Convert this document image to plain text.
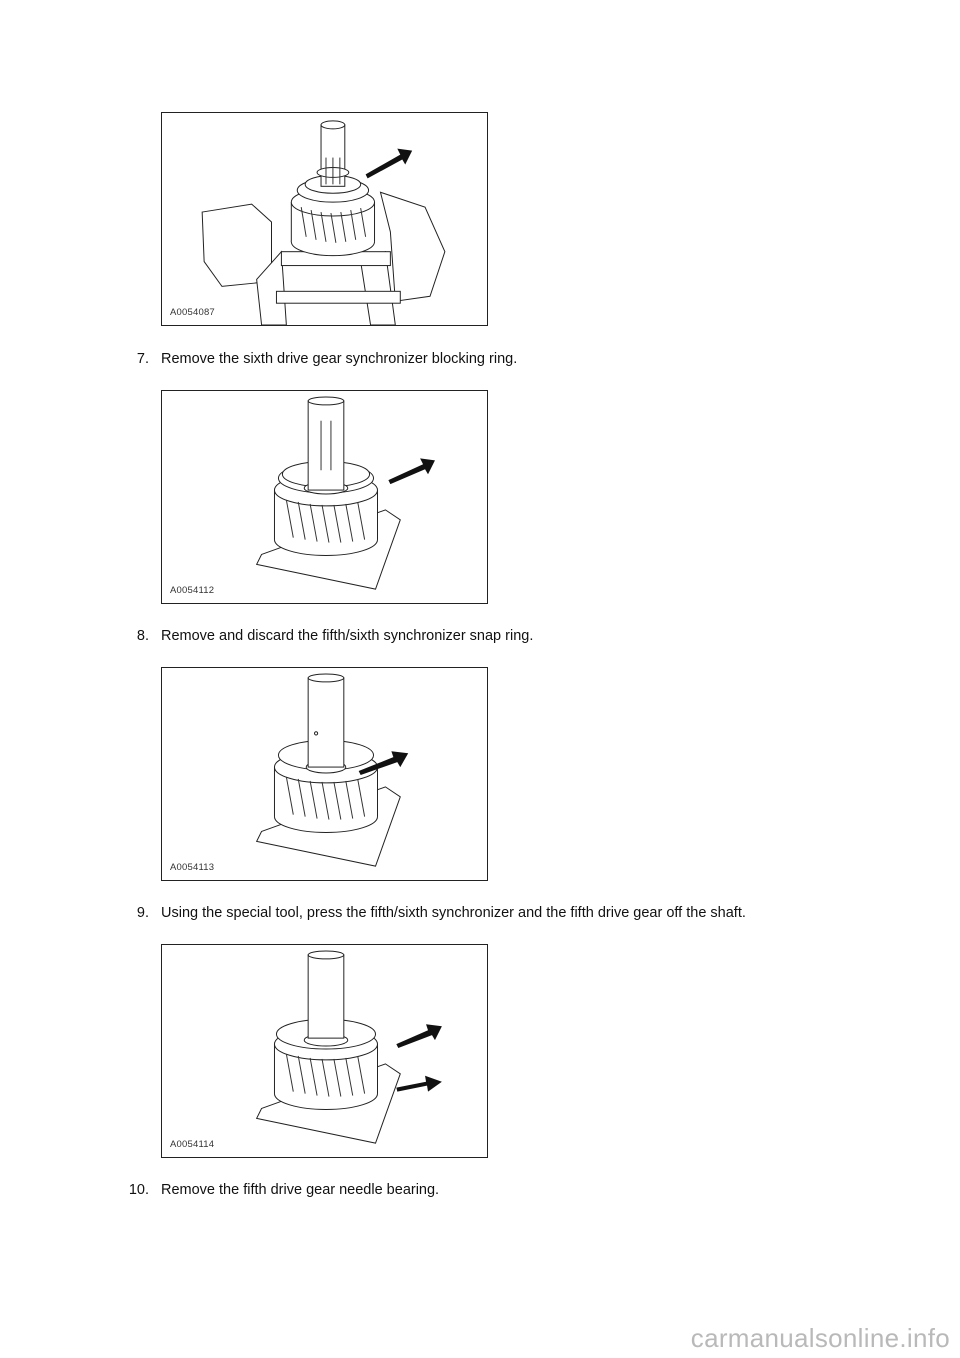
A0054087
7. Remove the sixth drive gear synchronizer blocking ring.
A0054112
8. Remove and discard the fifth/sixth synchronizer snap ring.
A0054113
9. Using the special tool, press the fifth/sixth synchronizer and the fifth drive gear off the shaft.
A0054114
10. Remove the fifth drive gear needle bearing.
carmanualsonline.info
